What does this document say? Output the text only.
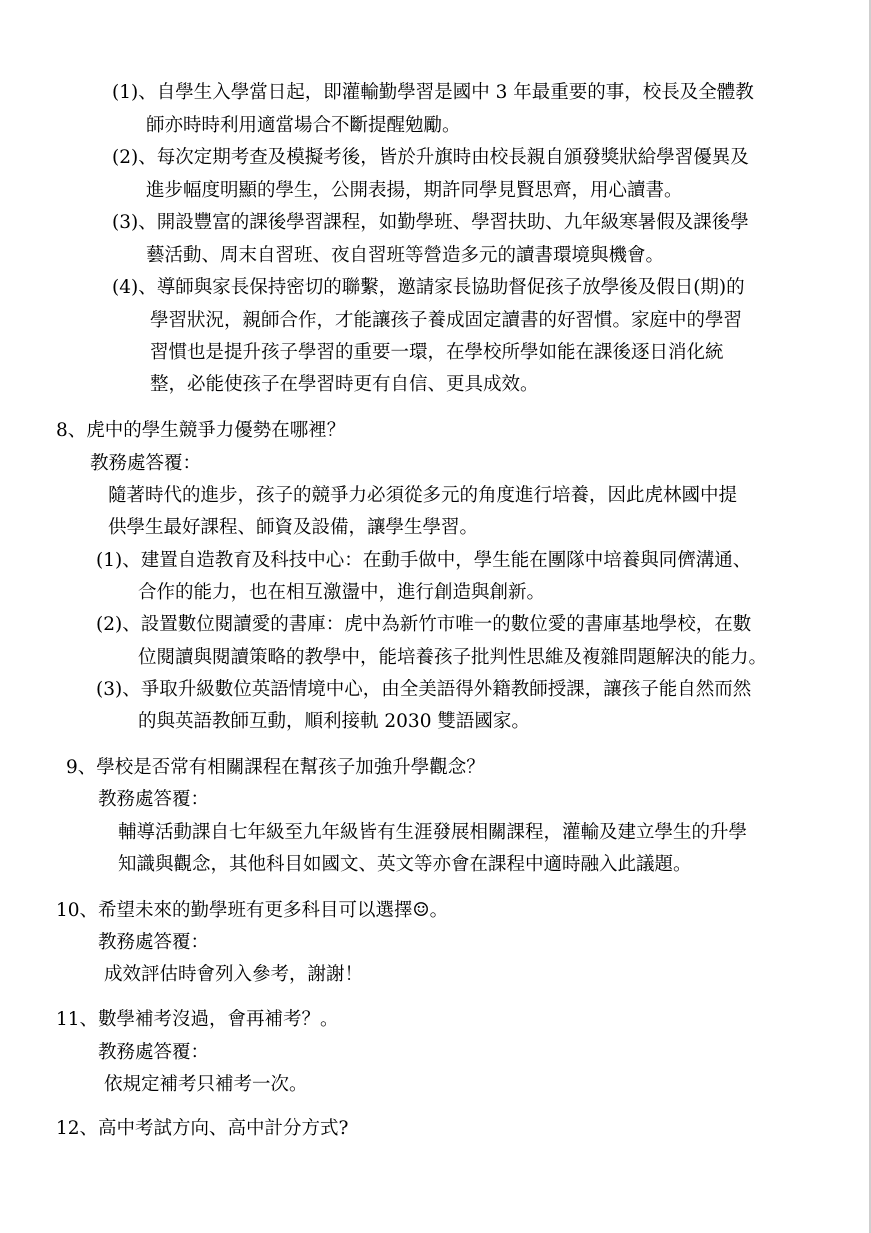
(1)、自學生入學當日起，即灌輸勤學習是國中 3 年最重要的事，校長及全體教
師亦時時利用適當場合不斷提醒勉勵。
(2)、每次定期考查及模擬考後，皆於升旗時由校長親自頒發獎狀給學習優異及
進步幅度明顯的學生，公開表揚，期許同學見賢思齊，用心讀書。
(3)、開設豐富的課後學習課程，如勤學班、學習扶助、九年級寒暑假及課後學
藝活動、周末自習班、夜自習班等營造多元的讀書環境與機會。
(4)、導師與家長保持密切的聯繫，邀請家長協助督促孩子放學後及假日(期)的
學習狀況，親師合作，才能讓孩子養成固定讀書的好習慣。家庭中的學習
習慣也是提升孩子學習的重要一環，在學校所學如能在課後逐日消化統
整，必能使孩子在學習時更有自信、更具成效。
8、虎中的學生競爭力優勢在哪裡？
教務處答覆：
隨著時代的進步，孩子的競爭力必須從多元的角度進行培養，因此虎林國中提
供學生最好課程、師資及設備，讓學生學習。
(1)、建置自造教育及科技中心：在動手做中，學生能在團隊中培養與同儕溝通、
合作的能力，也在相互激盪中，進行創造與創新。
(2)、設置數位閱讀愛的書庫：虎中為新竹市唯一的數位愛的書庫基地學校，在數
位閱讀與閱讀策略的教學中，能培養孩子批判性思維及複雜問題解決的能力。
(3)、爭取升級數位英語情境中心，由全美語得外籍教師授課，讓孩子能自然而然
的與英語教師互動，順利接軌 2030 雙語國家。
9、學校是否常有相關課程在幫孩子加強升學觀念？
教務處答覆：
輔導活動課自七年級至九年級皆有生涯發展相關課程，灌輸及建立學生的升學
知識與觀念，其他科目如國文、英文等亦會在課程中適時融入此議題。
10、希望未來的勤學班有更多科目可以選擇☺。
教務處答覆：
成效評估時會列入參考，謝謝！
11、數學補考沒過，會再補考？。
教務處答覆：
依規定補考只補考一次。
12、高中考試方向、高中計分方式?
